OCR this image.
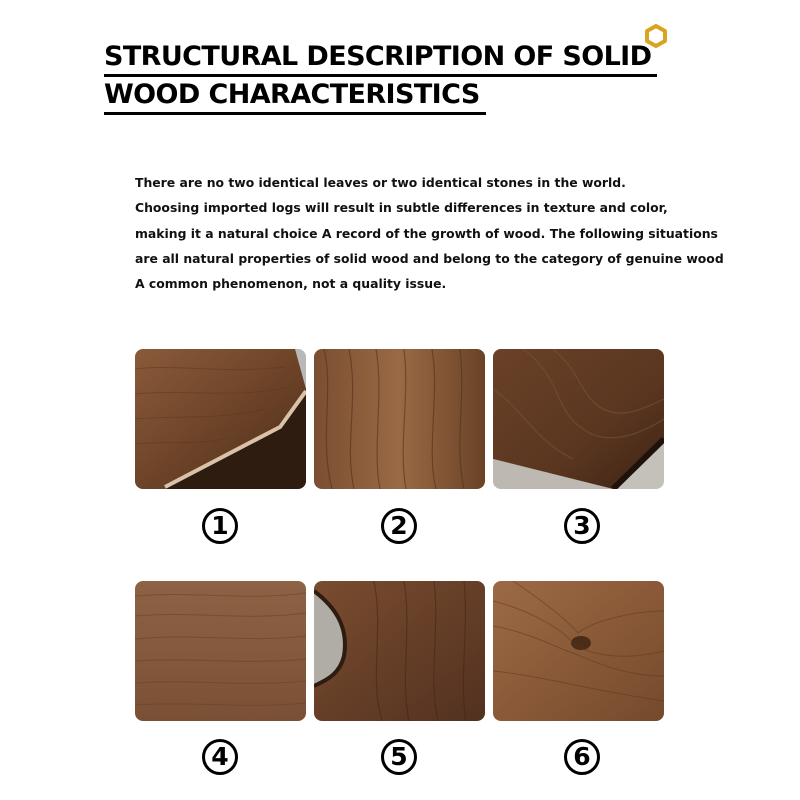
STRUCTURAL DESCRIPTION OF SOLID
WOOD CHARACTERISTICS
There are no two identical leaves or two identical stones in the world.
Choosing imported logs will result in subtle differences in texture and color,
making it a natural choice A record of the growth of wood. The following situations
are all natural properties of solid wood and belong to the category of genuine wood
A common phenomenon, not a quality issue.
1	2	3
4	5	6
